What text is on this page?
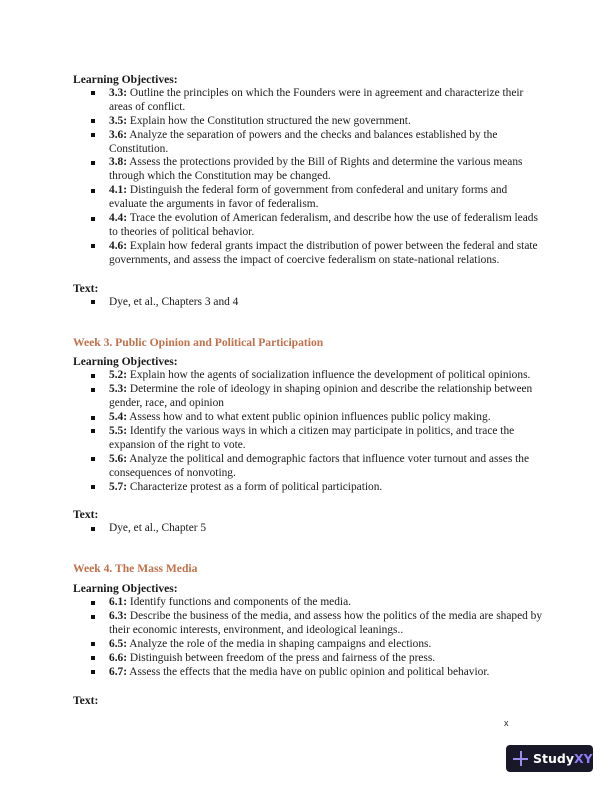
Learning Objectives:

3.3: Outline the principles on which the Founders were in agreement and characterize their areas of conflict.
3.5: Explain how the Constitution structured the new government.
3.6: Analyze the separation of powers and the checks and balances established by the Constitution.
3.8: Assess the protections provided by the Bill of Rights and determine the various means through which the Constitution may be changed.
4.1: Distinguish the federal form of government from confederal and unitary forms and evaluate the arguments in favor of federalism.
4.4: Trace the evolution of American federalism, and describe how the use of federalism leads to theories of political behavior.
4.6: Explain how federal grants impact the distribution of power between the federal and state governments, and assess the impact of coercive federalism on state-national relations.

Text:

Dye, et al., Chapters 3 and 4

Week 3. Public Opinion and Political Participation

Learning Objectives:

5.2: Explain how the agents of socialization influence the development of political opinions.
5.3: Determine the role of ideology in shaping opinion and describe the relationship between gender, race, and opinion
5.4: Assess how and to what extent public opinion influences public policy making.
5.5: Identify the various ways in which a citizen may participate in politics, and trace the expansion of the right to vote.
5.6: Analyze the political and demographic factors that influence voter turnout and asses the consequences of nonvoting.
5.7: Characterize protest as a form of political participation.

Text:

Dye, et al., Chapter 5

Week 4. The Mass Media

Learning Objectives:

6.1: Identify functions and components of the media.
6.3: Describe the business of the media, and assess how the politics of the media are shaped by their economic interests, environment, and ideological leanings..
6.5: Analyze the role of the media in shaping campaigns and elections.
6.6: Distinguish between freedom of the press and fairness of the press.
6.7: Assess the effects that the media have on public opinion and political behavior.

Text:

x
StudyXY
